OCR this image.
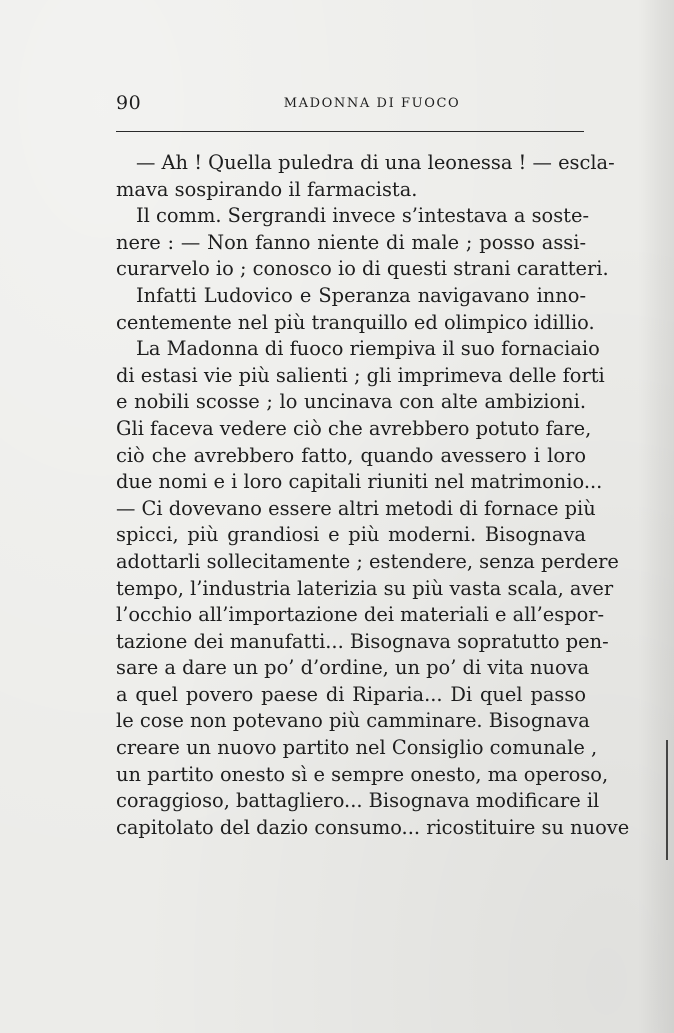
90	MADONNA DI FUOCO
— Ah ! Quella puledra di una leonessa ! — escla-
mava sospirando il farmacista.
Il comm. Sergrandi invece s’intestava a soste-
nere : — Non fanno niente di male ; posso assi-
curarvelo io ; conosco io di questi strani caratteri.
Infatti Ludovico e Speranza navigavano inno-
centemente nel più tranquillo ed olimpico idillio.
La Madonna di fuoco riempiva il suo fornaciaio
di estasi vie più salienti ; gli imprimeva delle forti
e nobili scosse ; lo uncinava con alte ambizioni.
Gli faceva vedere ciò che avrebbero potuto fare,
ciò che avrebbero fatto, quando avessero i loro
due nomi e i loro capitali riuniti nel matrimonio...
— Ci dovevano essere altri metodi di fornace più
spicci, più grandiosi e più moderni. Bisognava
adottarli sollecitamente ; estendere, senza perdere
tempo, l’industria laterizia su più vasta scala, aver
l’occhio all’importazione dei materiali e all’espor-
tazione dei manufatti... Bisognava sopratutto pen-
sare a dare un po’ d’ordine, un po’ di vita nuova
a quel povero paese di Riparia... Di quel passo
le cose non potevano più camminare. Bisognava
creare un nuovo partito nel Consiglio comunale ,
un partito onesto sì e sempre onesto, ma operoso,
coraggioso, battagliero... Bisognava modificare il
capitolato del dazio consumo... ricostituire su nuove
